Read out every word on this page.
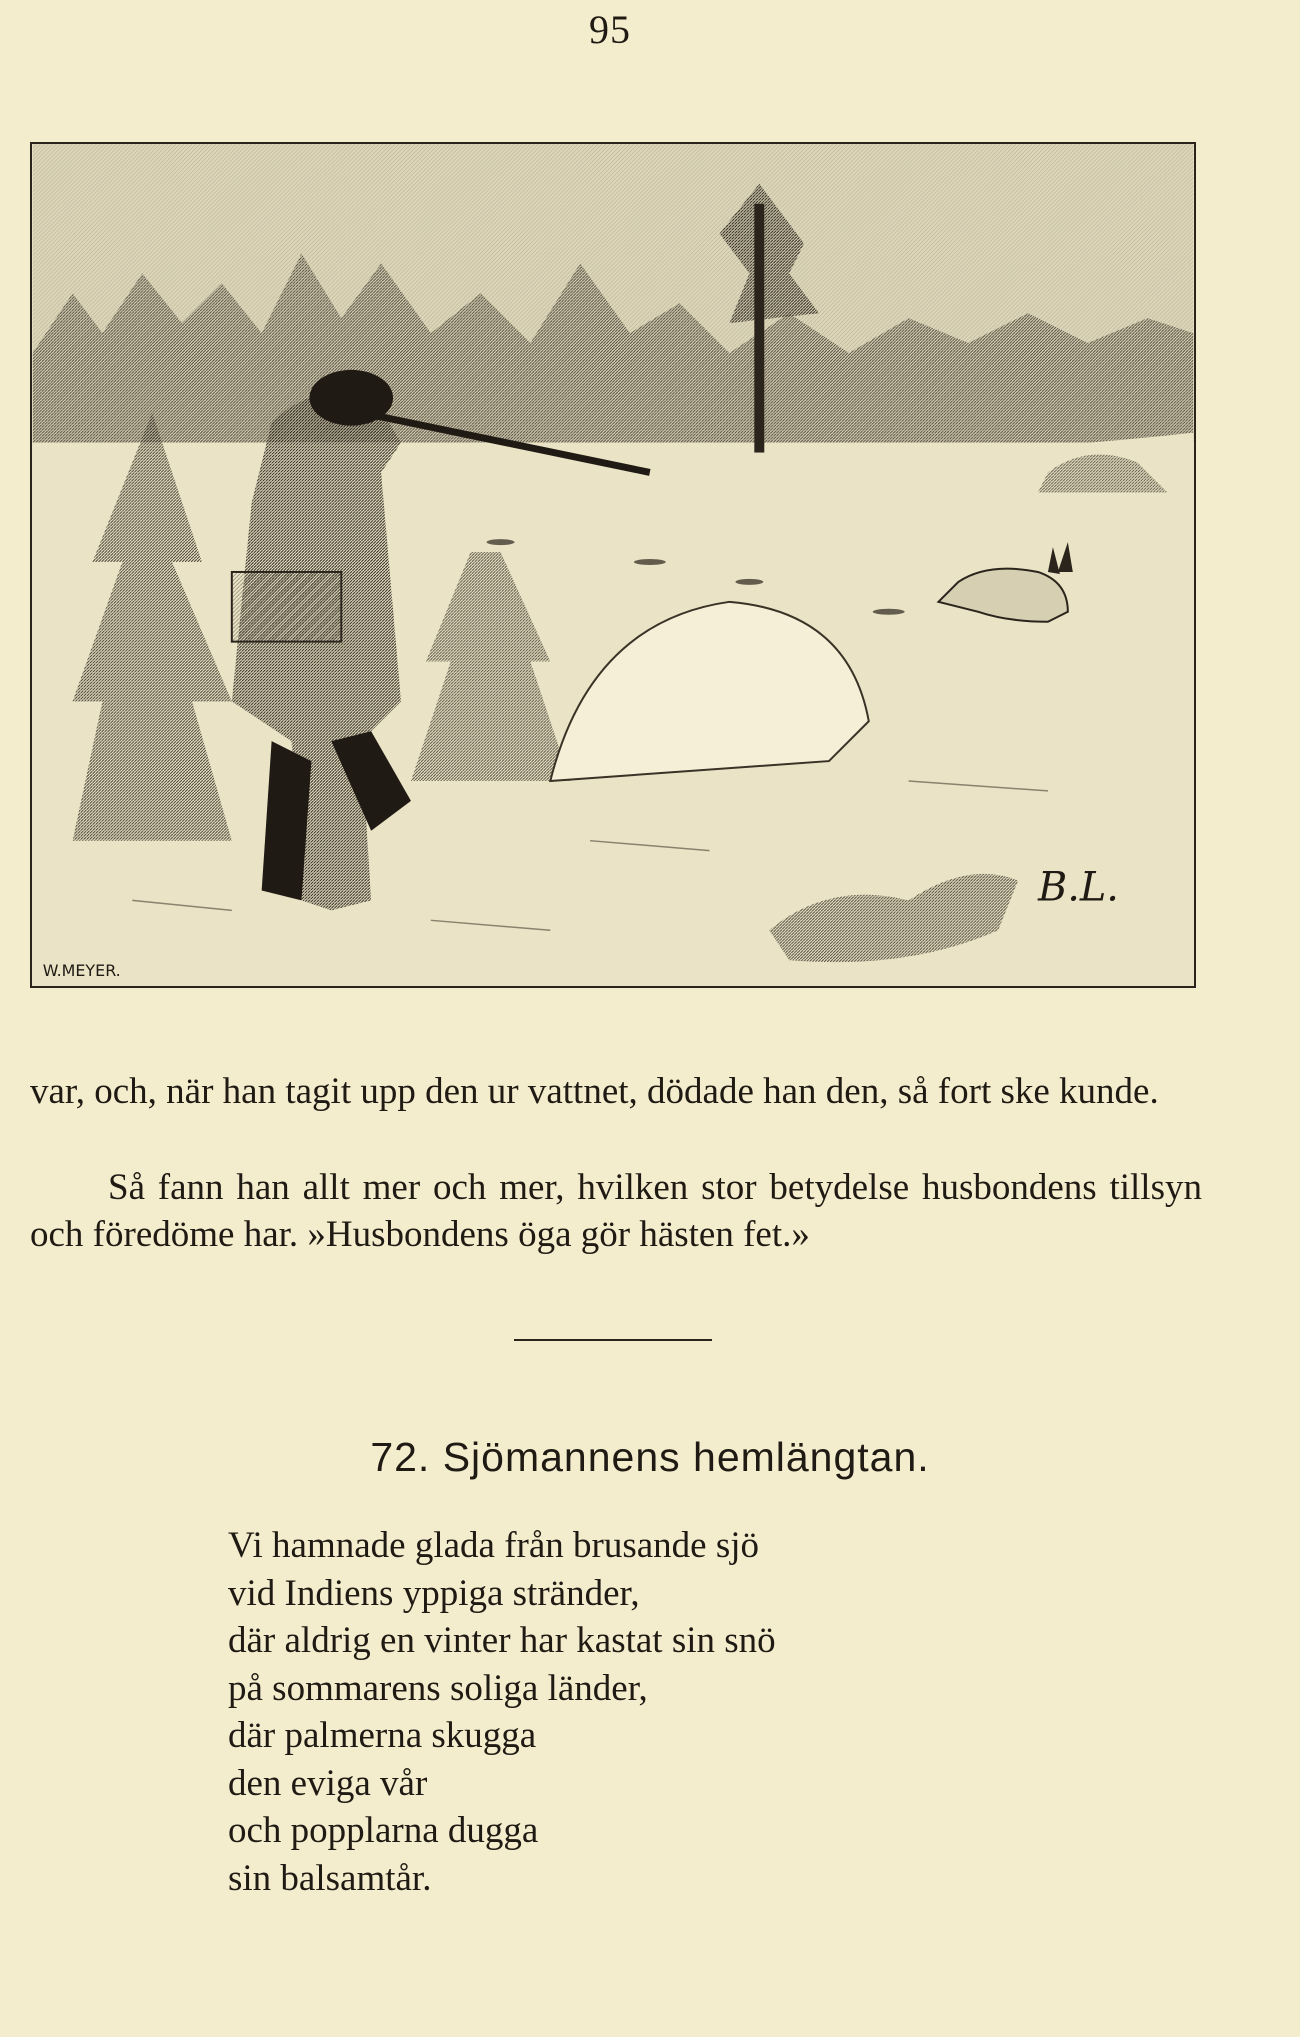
95
B.L.
W.MEYER.
var, och, när han tagit upp den ur vattnet, dödade han den, så fort ske kunde.
Så fann han allt mer och mer, hvilken stor betydelse husbondens tillsyn och föredöme har. »Husbondens öga gör hästen fet.»
72. Sjömannens hemlängtan.
Vi hamnade glada från brusande sjö
vid Indiens yppiga stränder,
där aldrig en vinter har kastat sin snö
på sommarens soliga länder,
där palmerna skugga
den eviga vår
och popplarna dugga
sin balsamtår.
